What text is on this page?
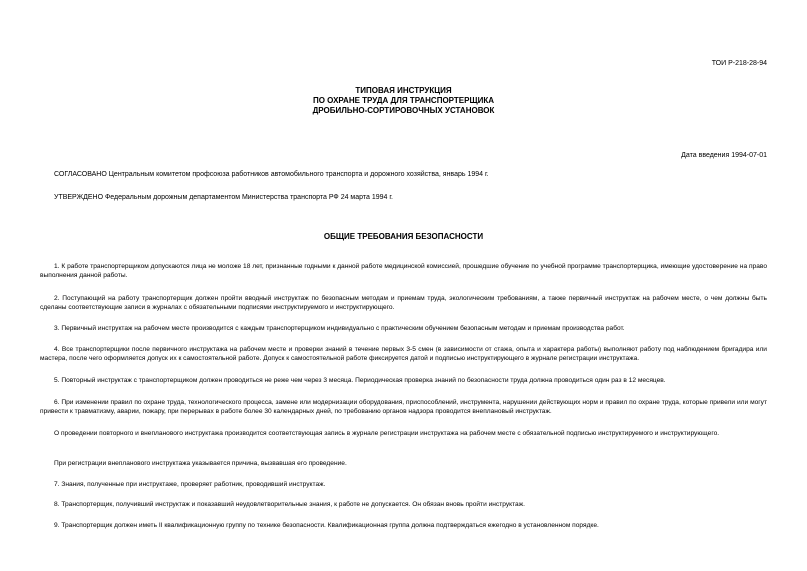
ТОИ Р-218-28-94
ТИПОВАЯ ИНСТРУКЦИЯ
ПО ОХРАНЕ ТРУДА ДЛЯ ТРАНСПОРТЕРЩИКА
ДРОБИЛЬНО-СОРТИРОВОЧНЫХ УСТАНОВОК
Дата введения 1994-07-01
СОГЛАСОВАНО Центральным комитетом профсоюза работников автомобильного транспорта и дорожного хозяйства, январь 1994 г.
УТВЕРЖДЕНО Федеральным дорожным департаментом Министерства транспорта РФ 24 марта 1994 г.
ОБЩИЕ ТРЕБОВАНИЯ БЕЗОПАСНОСТИ

1. К работе транспортерщиком допускаются лица не моложе 18 лет, признанные годными к данной работе медицинской комиссией, прошедшие обучение по учебной программе транспортерщика, имеющие удостоверение на право выполнения данной работы.

2. Поступающий на работу транспортерщик должен пройти вводный инструктаж по безопасным методам и приемам труда, экологическим требованиям, а также первичный инструктаж на рабочем месте, о чем должны быть сделаны соответствующие записи в журналах с обязательными подписями инструктируемого и инструктирующего.

3. Первичный инструктаж на рабочем месте производится с каждым транспортерщиком индивидуально с практическим обучением безопасным методам и приемам производства работ.

4. Все транспортерщики после первичного инструктажа на рабочем месте и проверки знаний в течение первых 3-5 смен (в зависимости от стажа, опыта и характера работы) выполняют работу под наблюдением бригадира или мастера, после чего оформляется допуск их к самостоятельной работе. Допуск к самостоятельной работе фиксируется датой и подписью инструктирующего в журнале регистрации инструктажа.

5. Повторный инструктаж с транспортерщиком должен проводиться не реже чем через 3 месяца. Периодическая проверка знаний по безопасности труда должна проводиться один раз в 12 месяцев.

6. При изменении правил по охране труда, технологического процесса, замене или модернизации оборудования, приспособлений, инструмента, нарушении действующих норм и правил по охране труда, которые привели или могут привести к травматизму, аварии, пожару, при перерывах в работе более 30 календарных дней, по требованию органов надзора проводится внеплановый инструктаж.

О проведении повторного и внепланового инструктажа производится соответствующая запись в журнале регистрации инструктажа на рабочем месте с обязательной подписью инструктируемого и инструктирующего.

При регистрации внепланового инструктажа указывается причина, вызвавшая его проведение.

7. Знания, полученные при инструктаже, проверяет работник, проводивший инструктаж.

8. Транспортерщик, получивший инструктаж и показавший неудовлетворительные знания, к работе не допускается. Он обязан вновь пройти инструктаж.

9. Транспортерщик должен иметь II квалификационную группу по технике безопасности. Квалификационная группа должна подтверждаться ежегодно в установленном порядке.
